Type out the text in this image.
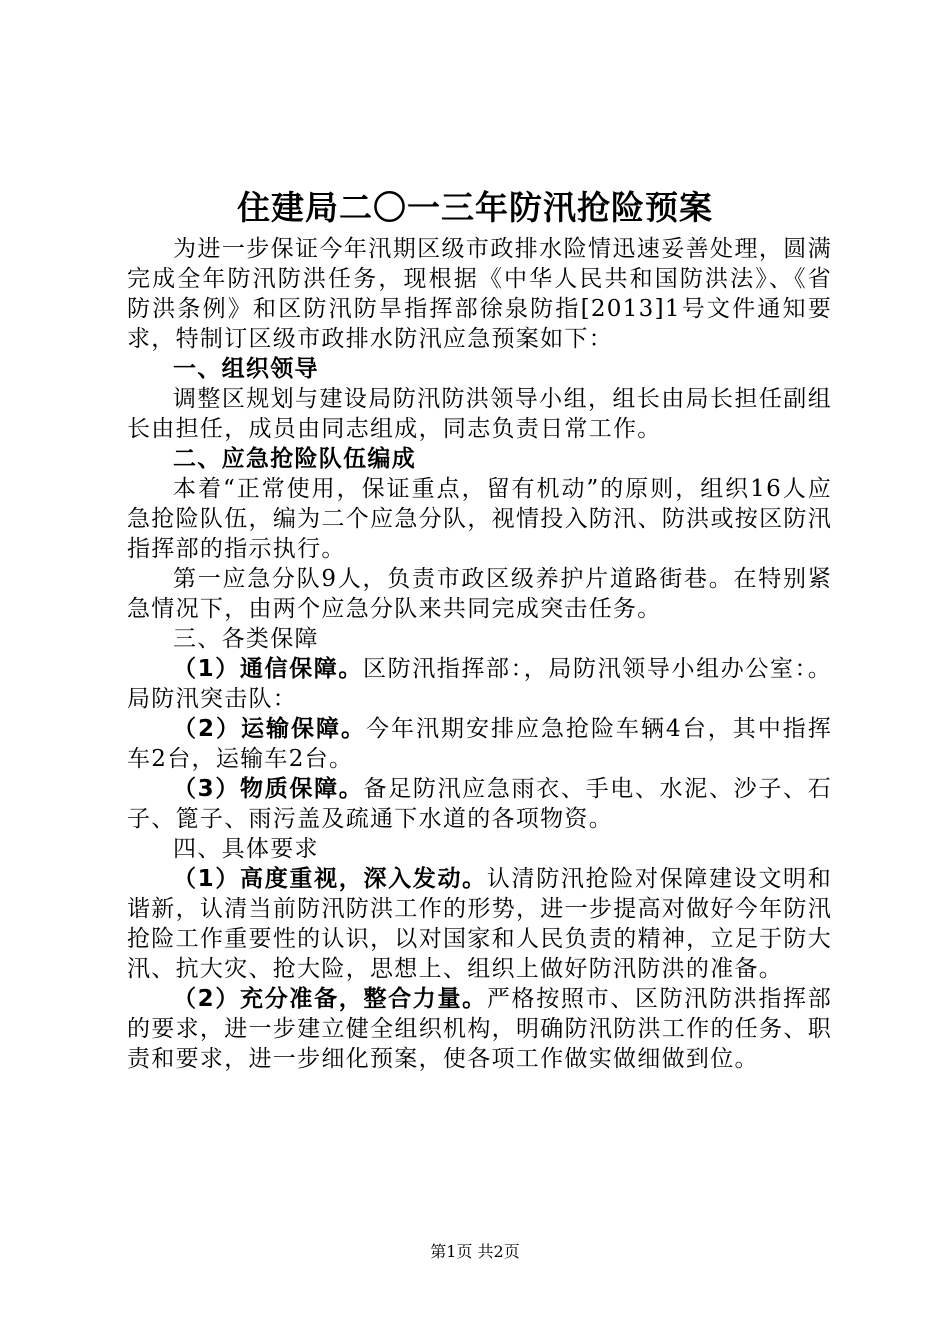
住建局二〇一三年防汛抢险预案

为进一步保证今年汛期区级市政排水险情迅速妥善处理，圆满完成全年防汛防洪任务，现根据《中华人民共和国防洪法》、《省防洪条例》和区防汛防旱指挥部徐泉防指[2013]1号文件通知要求，特制订区级市政排水防汛应急预案如下：

一、组织领导

调整区规划与建设局防汛防洪领导小组，组长由局长担任副组长由担任，成员由同志组成，同志负责日常工作。

二、应急抢险队伍编成

本着“正常使用，保证重点，留有机动”的原则，组织16人应急抢险队伍，编为二个应急分队，视情投入防汛、防洪或按区防汛指挥部的指示执行。

第一应急分队9人，负责市政区级养护片道路街巷。在特别紧急情况下，由两个应急分队来共同完成突击任务。

三、各类保障

（1）通信保障。区防汛指挥部：，局防汛领导小组办公室：。局防汛突击队：

（2）运输保障。今年汛期安排应急抢险车辆4台，其中指挥车2台，运输车2台。

（3）物质保障。备足防汛应急雨衣、手电、水泥、沙子、石子、篦子、雨污盖及疏通下水道的各项物资。

四、具体要求

（1）高度重视，深入发动。认清防汛抢险对保障建设文明和谐新，认清当前防汛防洪工作的形势，进一步提高对做好今年防汛抢险工作重要性的认识，以对国家和人民负责的精神，立足于防大汛、抗大灾、抢大险，思想上、组织上做好防汛防洪的准备。

（2）充分准备，整合力量。严格按照市、区防汛防洪指挥部的要求，进一步建立健全组织机构，明确防汛防洪工作的任务、职责和要求，进一步细化预案，使各项工作做实做细做到位。

第1页 共2页
